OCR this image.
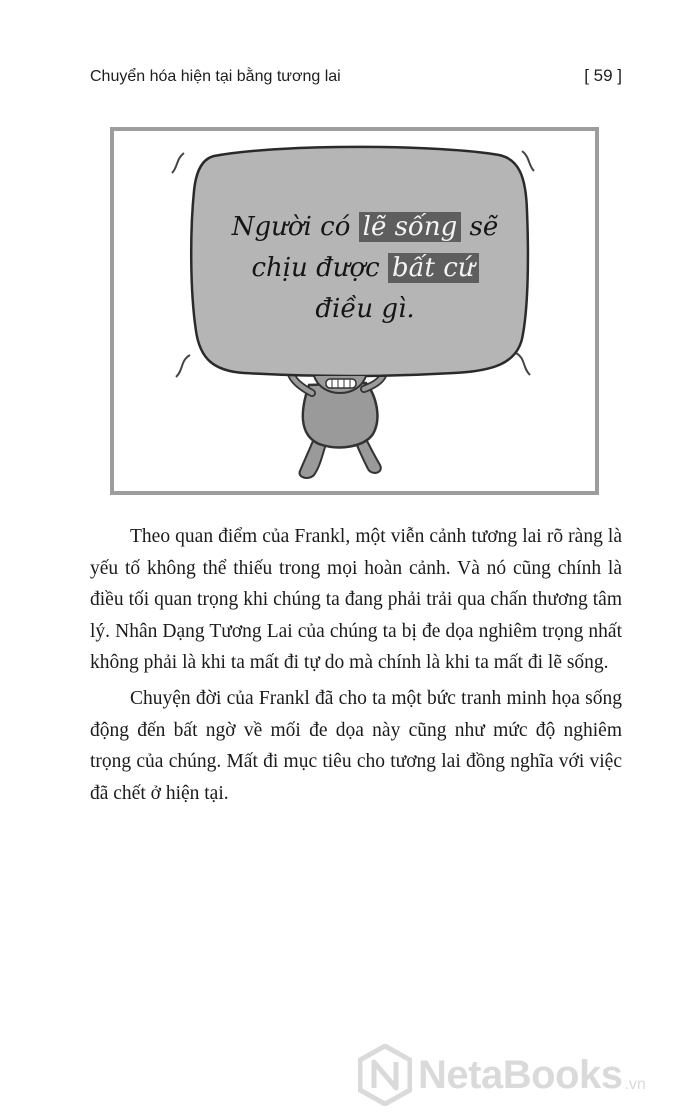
Chuyển hóa hiện tại bằng tương lai	[ 59 ]
Người có lẽ sống sẽ
chịu được bất cứ
điều gì.

Theo quan điểm của Frankl, một viễn cảnh tương lai rõ ràng là yếu tố không thể thiếu trong mọi hoàn cảnh. Và nó cũng chính là điều tối quan trọng khi chúng ta đang phải trải qua chấn thương tâm lý. Nhân Dạng Tương Lai của chúng ta bị đe dọa nghiêm trọng nhất không phải là khi ta mất đi tự do mà chính là khi ta mất đi lẽ sống.

Chuyện đời của Frankl đã cho ta một bức tranh minh họa sống động đến bất ngờ về mối đe dọa này cũng như mức độ nghiêm trọng của chúng. Mất đi mục tiêu cho tương lai đồng nghĩa với việc đã chết ở hiện tại.

NetaBooks .vn
